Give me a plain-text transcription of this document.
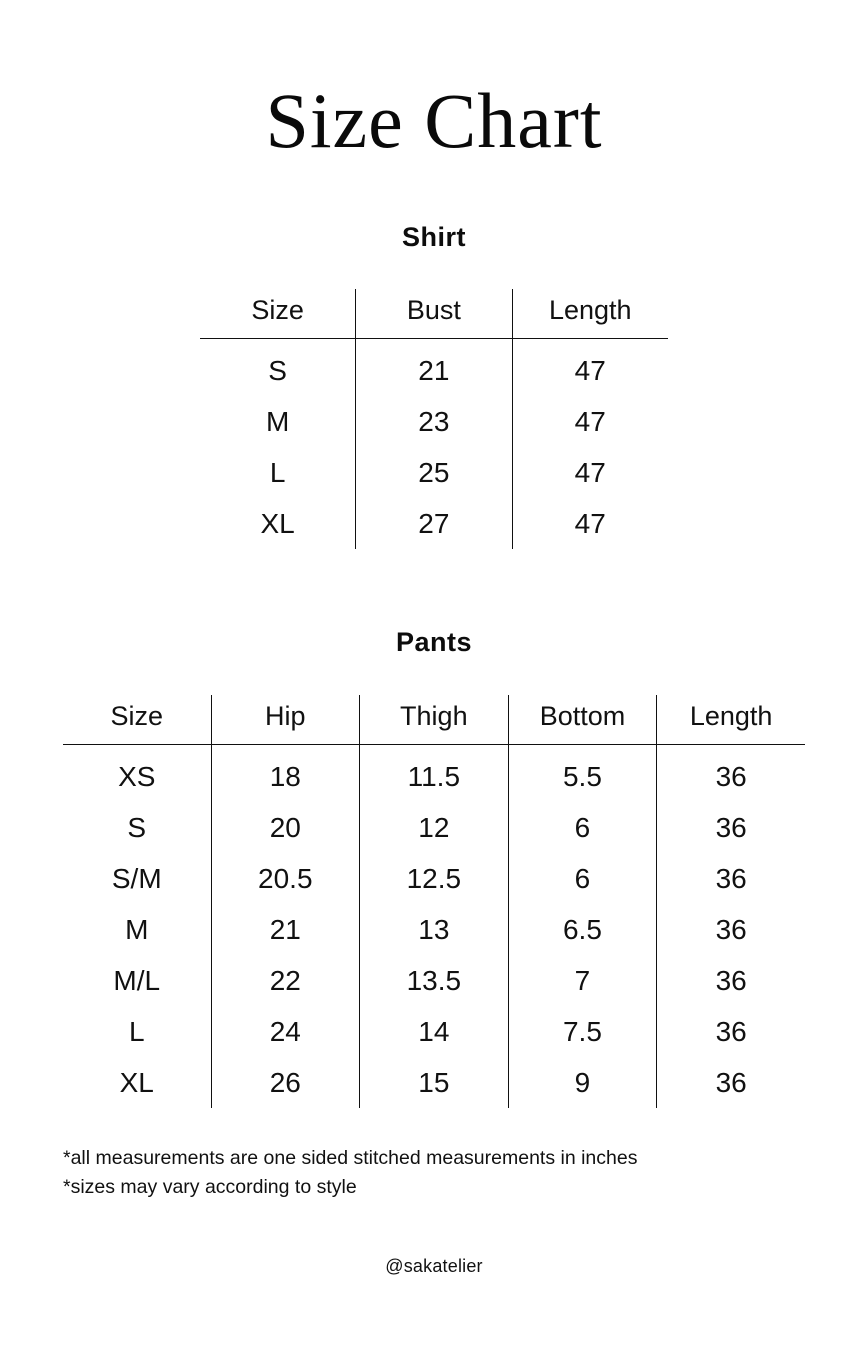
Size Chart
Shirt
Size	Bust	Length
S	21	47
M	23	47
L	25	47
XL	27	47
Pants
Size	Hip	Thigh	Bottom	Length
XS	18	11.5	5.5	36
S	20	12	6	36
S/M	20.5	12.5	6	36
M	21	13	6.5	36
M/L	22	13.5	7	36
L	24	14	7.5	36
XL	26	15	9	36
*all measurements are one sided stitched measurements in inches
*sizes may vary according to style
@sakatelier
